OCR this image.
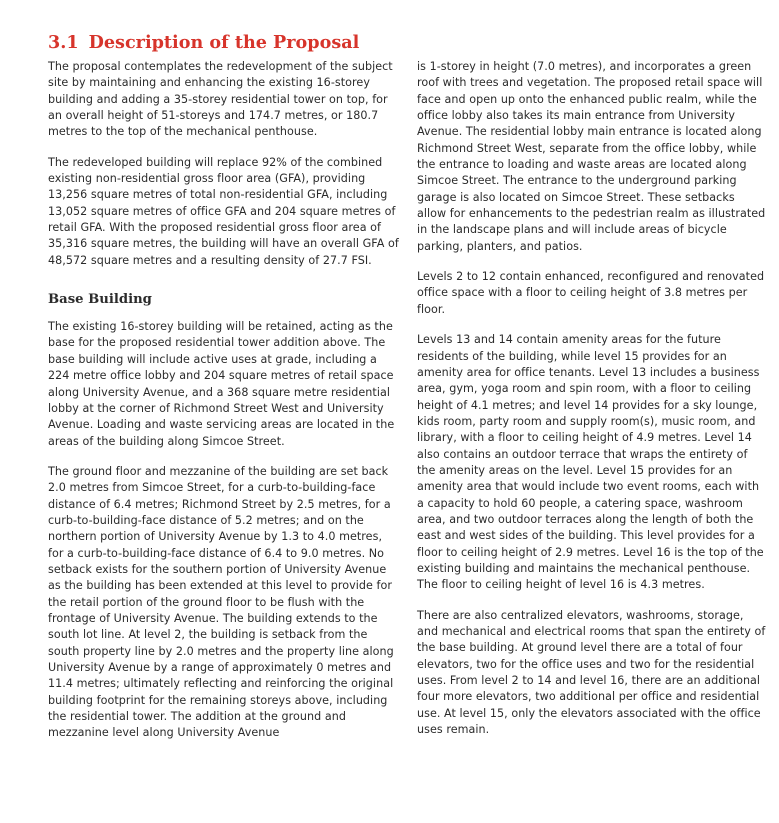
3.1 Description of the Proposal

The proposal contemplates the redevelopment of the subject site by maintaining and enhancing the existing 16-storey building and adding a 35-storey residential tower on top, for an overall height of 51-storeys and 174.7 metres, or 180.7 metres to the top of the mechanical penthouse.

The redeveloped building will replace 92% of the combined existing non-residential gross floor area (GFA), providing 13,256 square metres of total non-residential GFA, including 13,052 square metres of office GFA and 204 square metres of retail GFA. With the proposed residential gross floor area of 35,316 square metres, the building will have an overall GFA of 48,572 square metres and a resulting density of 27.7 FSI.

Base Building

The existing 16-storey building will be retained, acting as the base for the proposed residential tower addition above. The base building will include active uses at grade, including a 224 metre office lobby and 204 square metres of retail space along University Avenue, and a 368 square metre residential lobby at the corner of Richmond Street West and University Avenue. Loading and waste servicing areas are located in the areas of the building along Simcoe Street.

The ground floor and mezzanine of the building are set back 2.0 metres from Simcoe Street, for a curb-to-building-face distance of 6.4 metres; Richmond Street by 2.5 metres, for a curb-to-building-face distance of 5.2 metres; and on the northern portion of University Avenue by 1.3 to 4.0 metres, for a curb-to-building-face distance of 6.4 to 9.0 metres. No setback exists for the southern portion of University Avenue as the building has been extended at this level to provide for the retail portion of the ground floor to be flush with the frontage of University Avenue. The building extends to the south lot line. At level 2, the building is setback from the south property line by 2.0 metres and the property line along University Avenue by a range of approximately 0 metres and 11.4 metres; ultimately reflecting and reinforcing the original building footprint for the remaining storeys above, including the residential tower. The addition at the ground and mezzanine level along University Avenue

is 1-storey in height (7.0 metres), and incorporates a green roof with trees and vegetation. The proposed retail space will face and open up onto the enhanced public realm, while the office lobby also takes its main entrance from University Avenue. The residential lobby main entrance is located along Richmond Street West, separate from the office lobby, while the entrance to loading and waste areas are located along Simcoe Street. The entrance to the underground parking garage is also located on Simcoe Street. These setbacks allow for enhancements to the pedestrian realm as illustrated in the landscape plans and will include areas of bicycle parking, planters, and patios.

Levels 2 to 12 contain enhanced, reconfigured and renovated office space with a floor to ceiling height of 3.8 metres per floor.

Levels 13 and 14 contain amenity areas for the future residents of the building, while level 15 provides for an amenity area for office tenants. Level 13 includes a business area, gym, yoga room and spin room, with a floor to ceiling height of 4.1 metres; and level 14 provides for a sky lounge, kids room, party room and supply room(s), music room, and library, with a floor to ceiling height of 4.9 metres. Level 14 also contains an outdoor terrace that wraps the entirety of the amenity areas on the level. Level 15 provides for an amenity area that would include two event rooms, each with a capacity to hold 60 people, a catering space, washroom area, and two outdoor terraces along the length of both the east and west sides of the building. This level provides for a floor to ceiling height of 2.9 metres. Level 16 is the top of the existing building and maintains the mechanical penthouse. The floor to ceiling height of level 16 is 4.3 metres.

There are also centralized elevators, washrooms, storage, and mechanical and electrical rooms that span the entirety of the base building. At ground level there are a total of four elevators, two for the office uses and two for the residential uses. From level 2 to 14 and level 16, there are an additional four more elevators, two additional per office and residential use. At level 15, only the elevators associated with the office uses remain.
